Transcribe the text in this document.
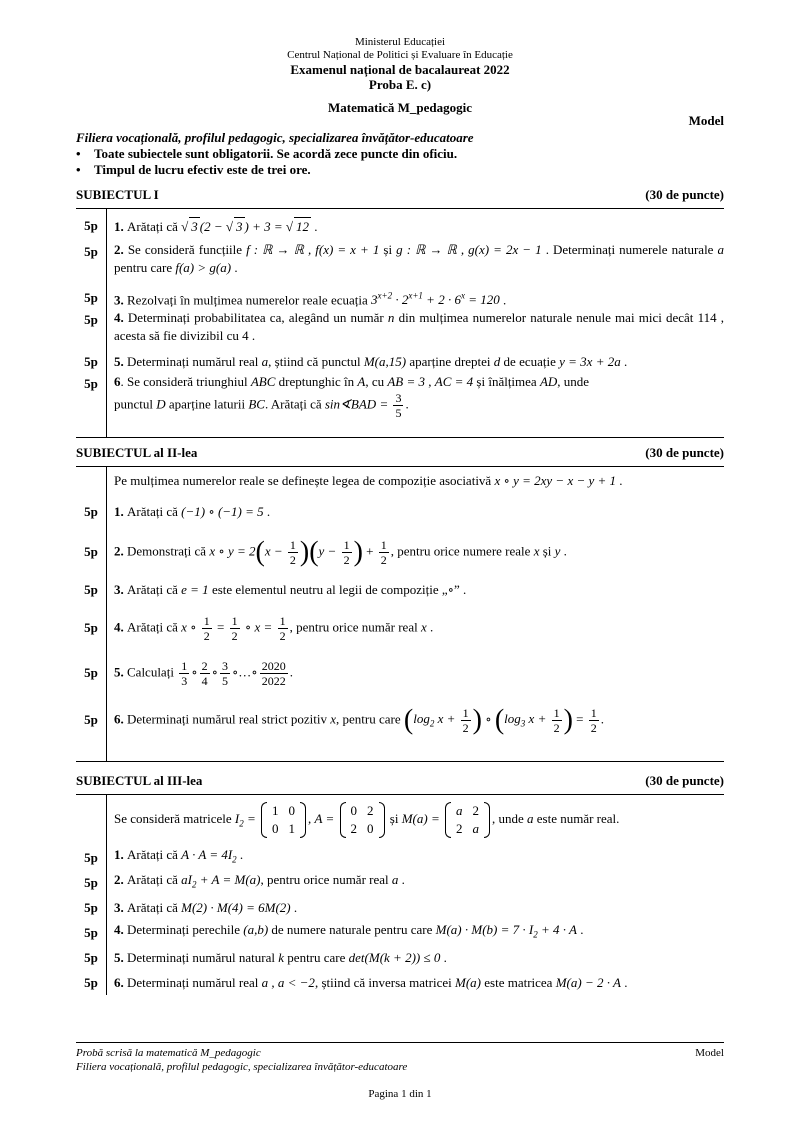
Ministerul Educației
Centrul Național de Politici și Evaluare în Educație
Examenul național de bacalaureat 2022
Proba E. c)
Matematică M_pedagogic
Model
Filiera vocațională, profilul pedagogic, specializarea învățător-educatoare
• Toate subiectele sunt obligatorii. Se acordă zece puncte din oficiu.
• Timpul de lucru efectiv este de trei ore.
SUBIECTUL I	(30 de puncte)
5p	1. Arătați că √ 3 (2 − √ 3 ) + 3 = √ 12 .
5p	2. Se consideră funcțiile f : ℝ → ℝ , f(x) = x + 1 și g : ℝ → ℝ , g(x) = 2x − 1 . Determinați numerele naturale a pentru care f(a) > g(a) .
5p	3. Rezolvați în mulțimea numerelor reale ecuația $3^{x+2} \cdot 2^{x+1} + 2 \cdot 6^x = 120$ .
5p	4. Determinați probabilitatea ca, alegând un număr n din mulțimea numerelor naturale nenule mai mici decât 114 , acesta să fie divizibil cu 4 .
5p	5. Determinați numărul real a, știind că punctul M(a,15) aparține dreptei d de ecuație y = 3x + 2a .
5p	6. Se consideră triunghiul ABC dreptunghic în A, cu AB = 3 , AC = 4 și înălțimea AD, unde
punctul D aparține laturii BC. Arătați că sin∢BAD = $\frac{3}{5}$ .
SUBIECTUL al II-lea	(30 de puncte)
Pe mulțimea numerelor reale se definește legea de compoziție asociativă x ∘ y = 2xy − x − y + 1 .
5p	1. Arătați că (−1) ∘ (−1) = 5 .
5p	2. Demonstrați că x ∘ $y = 2(x - \frac{1}{2} )(y - \frac{1}{2}$ ) + $\frac{1}{2}$ , pentru orice numere reale x și y .
5p	3. Arătați că e = 1 este elementul neutru al legii de compoziție „∘” .
5p	4. Arătați că x ∘ $\frac{1}{2} = \frac{1}{2}$ ∘ $x = \frac{1}{2}$ , pentru orice număr real x .
5p	5. Calculați $\frac{1}{3}$ ∘ $\frac{2}{4}$ ∘ $\frac{3}{5}$ ∘…∘ $\frac{2020}{2022}$ .
5p	6. Determinați numărul real strict pozitiv x, pentru care ($\log_2$ $x + \frac{1}{2}$ ) ∘ ($\log_3$ $x + \frac{1}{2}$ ) = $\frac{1}{2}$ .
SUBIECTUL al III-lea	(30 de puncte)
Se consideră matricele $I_2$ =
1	0
0	1
, A =
0	2
2	0
și M(a) =
a	2
2	a
, unde a este număr real.
5p	1. Arătați că $A \cdot A = 4I_2$ .
5p	2. Arătați că $aI_2 + A = M(a)$, pentru orice număr real a .
5p	3. Arătați că M(2) · M(4) = 6M(2) .
5p	4. Determinați perechile (a,b) de numere naturale pentru care $M(a) \cdot M(b) = 7 \cdot I_2 + 4 \cdot A$ .
5p	5. Determinați numărul natural k pentru care det(M(k + 2)) ≤ 0 .
5p	6. Determinați numărul real a , a < −2, știind că inversa matricei M(a) este matricea M(a) − 2 · A .
Probă scrisă la matematică M_pedagogic	Model
Filiera vocațională, profilul pedagogic, specializarea învățător-educatoare
Pagina 1 din 1
